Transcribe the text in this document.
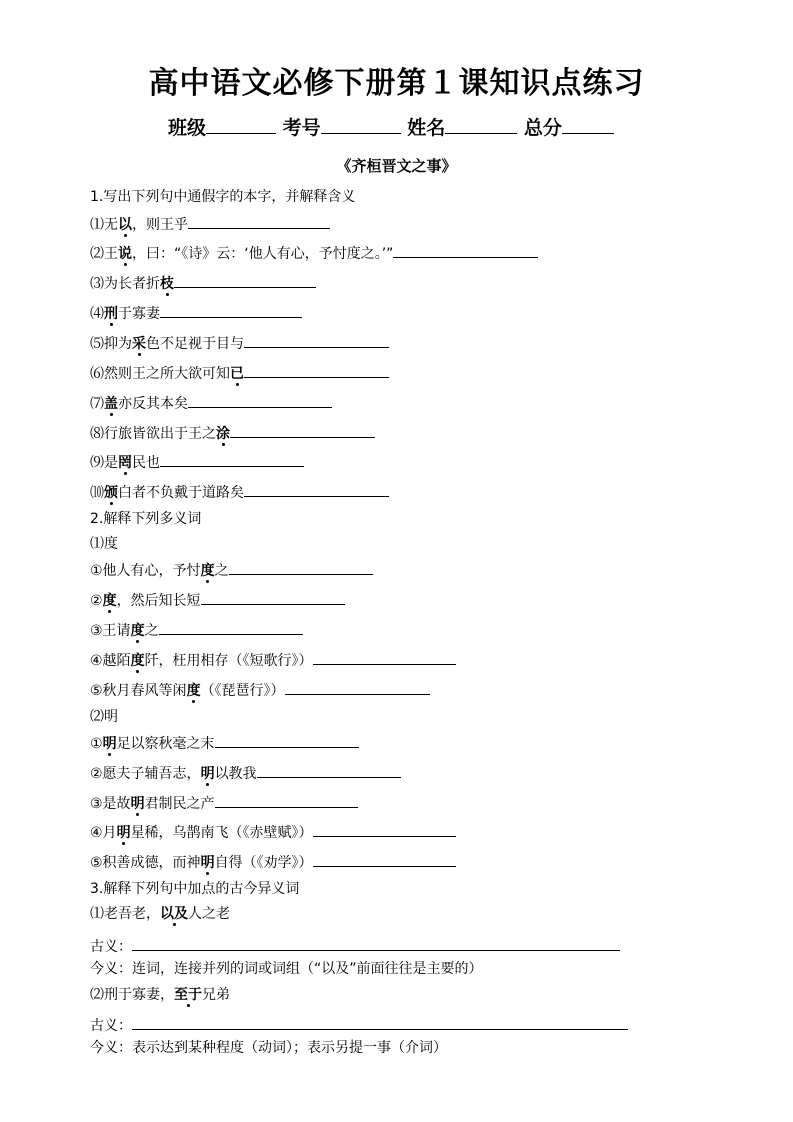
高中语文必修下册第１课知识点练习
班级	考号	姓名	总分
《齐桓晋文之事》
1.写出下列句中通假字的本字，并解释含义
⑴无以，则王乎
⑵王说，曰：“《诗》云：‘他人有心，予忖度之。’”
⑶为长者折枝
⑷刑于寡妻
⑸抑为采色不足视于目与
⑹然则王之所大欲可知已
⑺盖亦反其本矣
⑻行旅皆欲出于王之涂
⑼是罔民也
⑽颁白者不负戴于道路矣
2.解释下列多义词
⑴度
①他人有心，予忖度之
②度，然后知长短
③王请度之
④越陌度阡，枉用相存（《短歌行》）
⑤秋月春风等闲度（《琵琶行》）
⑵明
①明足以察秋毫之末
②愿夫子辅吾志，明以教我
③是故明君制民之产
④月明星稀，乌鹊南飞（《赤壁赋》）
⑤积善成德，而神明自得（《劝学》）
3.解释下列句中加点的古今异义词
⑴老吾老，以及人之老
古义：
今义：连词，连接并列的词或词组（“以及”前面往往是主要的）
⑵刑于寡妻，至于兄弟
古义：
今义：表示达到某种程度（动词）；表示另提一事（介词）
